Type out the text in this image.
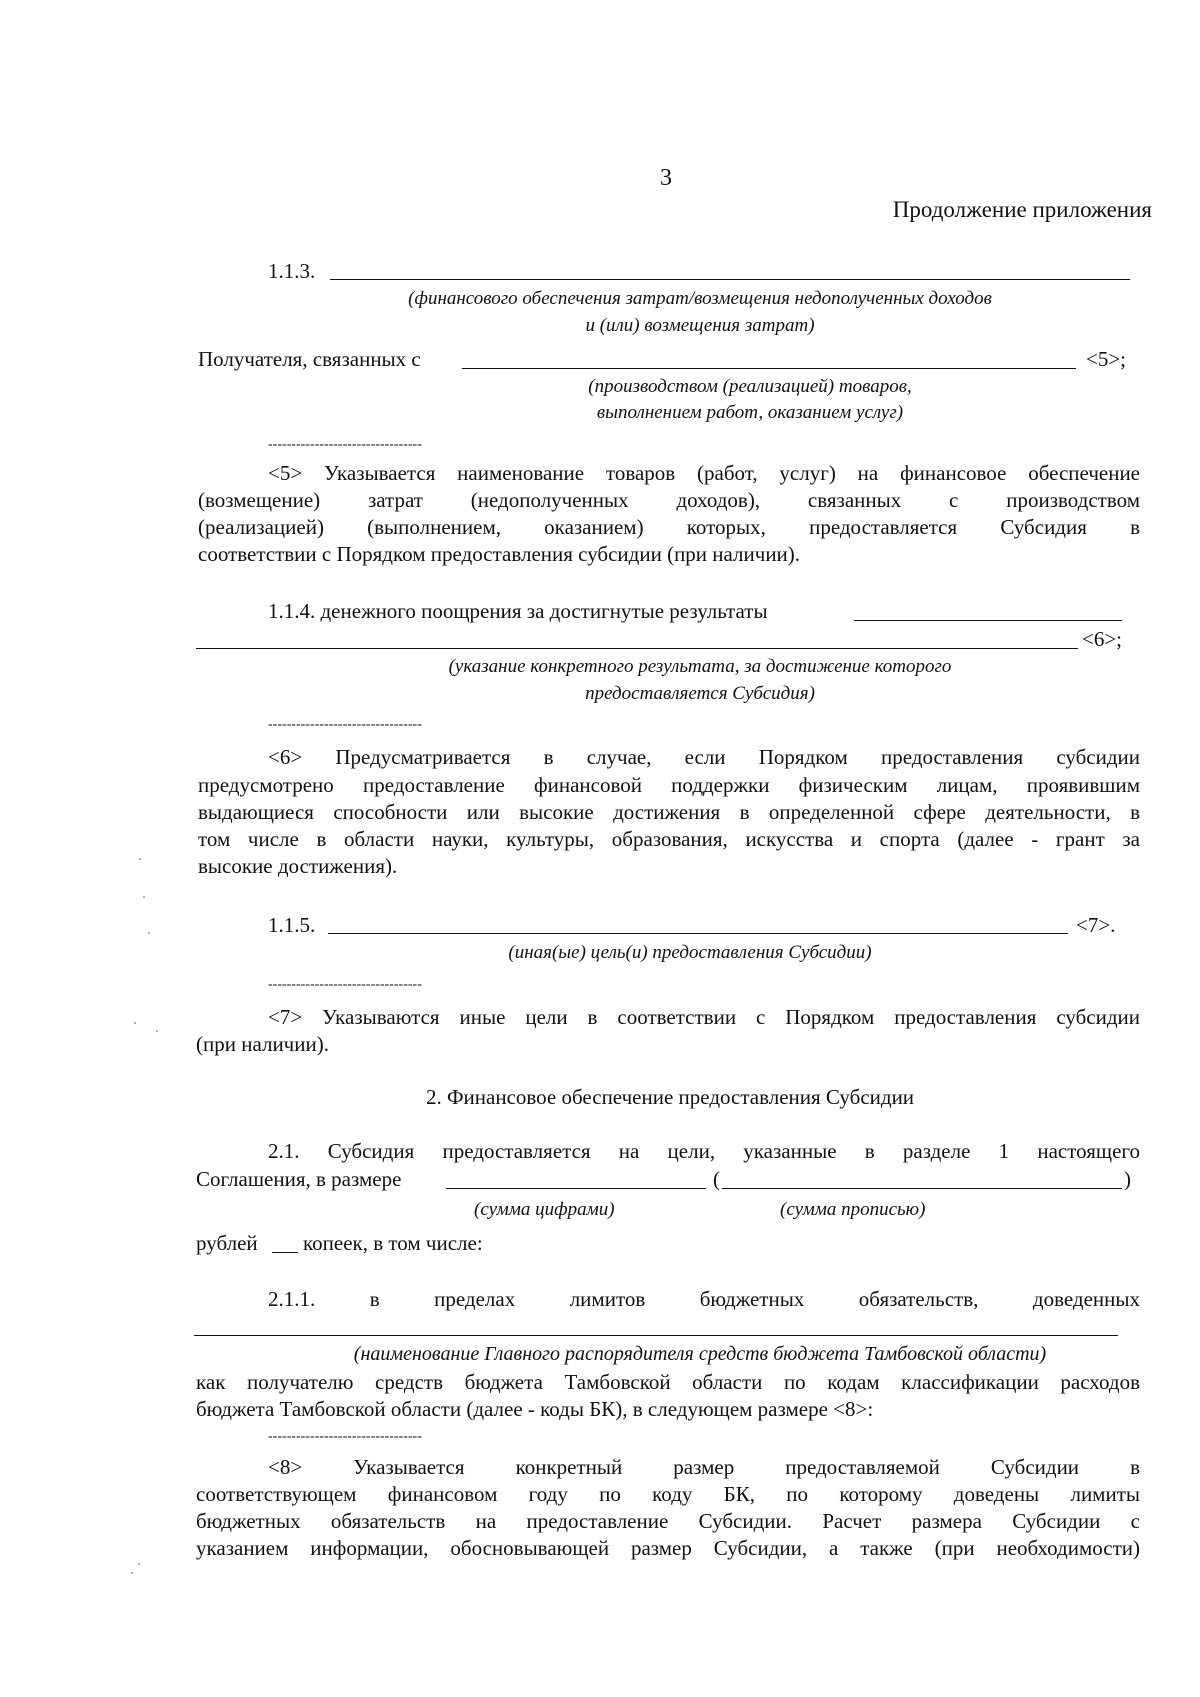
3
Продолжение приложения
1.1.3.
(финансового обеспечения затрат/возмещения недополученных доходов
и (или) возмещения затрат)
Получателя, связанных с	<5>;
(производством (реализацией) товаров,
выполнением работ, оказанием услуг)
---------------------------------
<5> Указывается наименование товаров (работ, услуг) на финансовое обеспечение
(возмещение) затрат (недополученных доходов), связанных с производством
(реализацией) (выполнением, оказанием) которых, предоставляется Субсидия в
соответствии с Порядком предоставления субсидии (при наличии).
1.1.4. денежного поощрения за достигнутые результаты
<6>;
(указание конкретного результата, за достижение которого
предоставляется Субсидия)
---------------------------------
<6> Предусматривается в случае, если Порядком предоставления субсидии
предусмотрено предоставление финансовой поддержки физическим лицам, проявившим
выдающиеся способности или высокие достижения в определенной сфере деятельности, в
том числе в области науки, культуры, образования, искусства и спорта (далее - грант за
высокие достижения).
1.1.5.	<7>.
(иная(ые) цель(и) предоставления Субсидии)
---------------------------------
<7> Указываются иные цели в соответствии с Порядком предоставления субсидии
(при наличии).
2. Финансовое обеспечение предоставления Субсидии
2.1. Субсидия предоставляется на цели, указанные в разделе 1 настоящего
Соглашения, в размере	(	)
(сумма цифрами)	(сумма прописью)
рублей копеек, в том числе:
2.1.1. в пределах лимитов бюджетных обязательств, доведенных
(наименование Главного распорядителя средств бюджета Тамбовской области)
как получателю средств бюджета Тамбовской области по кодам классификации расходов
бюджета Тамбовской области (далее - коды БК), в следующем размере <8>:
---------------------------------
<8> Указывается конкретный размер предоставляемой Субсидии в
соответствующем финансовом году по коду БК, по которому доведены лимиты
бюджетных обязательств на предоставление Субсидии. Расчет размера Субсидии с
указанием информации, обосновывающей размер Субсидии, а также (при необходимости)
